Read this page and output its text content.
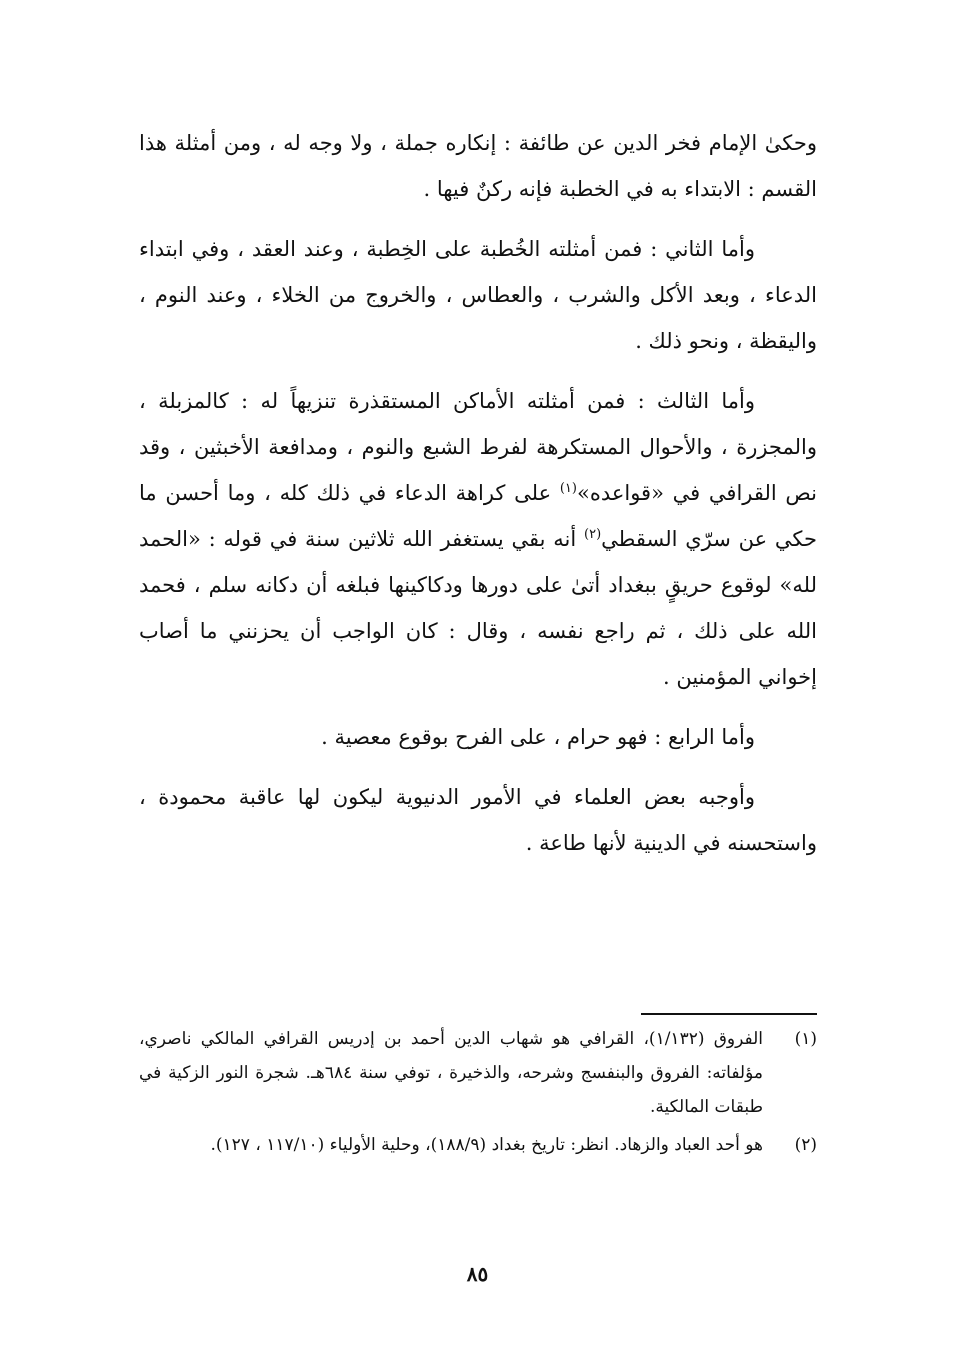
وحكىٰ الإمام فخر الدين عن طائفة : إنكاره جملة ، ولا وجه له ، ومن أمثلة هذا القسم : الابتداء به في الخطبة فإنه ركنٌ فيها .

وأما الثاني : فمن أمثلته الخُطبة على الخِطبة ، وعند العقد ، وفي ابتداء الدعاء ، وبعد الأكل والشرب ، والعطاس ، والخروج من الخلاء ، وعند النوم ، واليقظة ، ونحو ذلك .

وأما الثالث : فمن أمثلته الأماكن المستقذرة تنزيهاً له : كالمزبلة ، والمجزرة ، والأحوال المستكرهة لفرط الشبع والنوم ، ومدافعة الأخبثين ، وقد نص القرافي في «قواعده»$^{(١)}$ على كراهة الدعاء في ذلك كله ، وما أحسن ما حكي عن سرّي السقطي$^{(٢)}$ أنه بقي يستغفر الله ثلاثين سنة في قوله : «الحمد لله» لوقوع حريقٍ ببغداد أتىٰ على دورها ودكاكينها فبلغه أن دكانه سلم ، فحمد الله على ذلك ، ثم راجع نفسه ، وقال : كان الواجب أن يحزنني ما أصاب إخواني المؤمنين .

وأما الرابع : فهو حرام ، على الفرح بوقوع معصية .

وأوجبه بعض العلماء في الأمور الدنيوية ليكون لها عاقبة محمودة ، واستحسنه في الدينية لأنها طاعة .

(١)
الفروق (١/١٣٢)، القرافي هو شهاب الدين أحمد بن إدريس القرافي المالكي ناصري، مؤلفاته: الفروق والبنفسج وشرحه، والذخيرة ، توفي سنة ٦٨٤هـ. شجرة النور الزكية في طبقات المالكية.

(٢)
هو أحد العباد والزهاد. انظر: تاريخ بغداد (١٨٨/٩)، وحلية الأولياء (١١٧/١٠ ، ١٢٧).

٨٥
